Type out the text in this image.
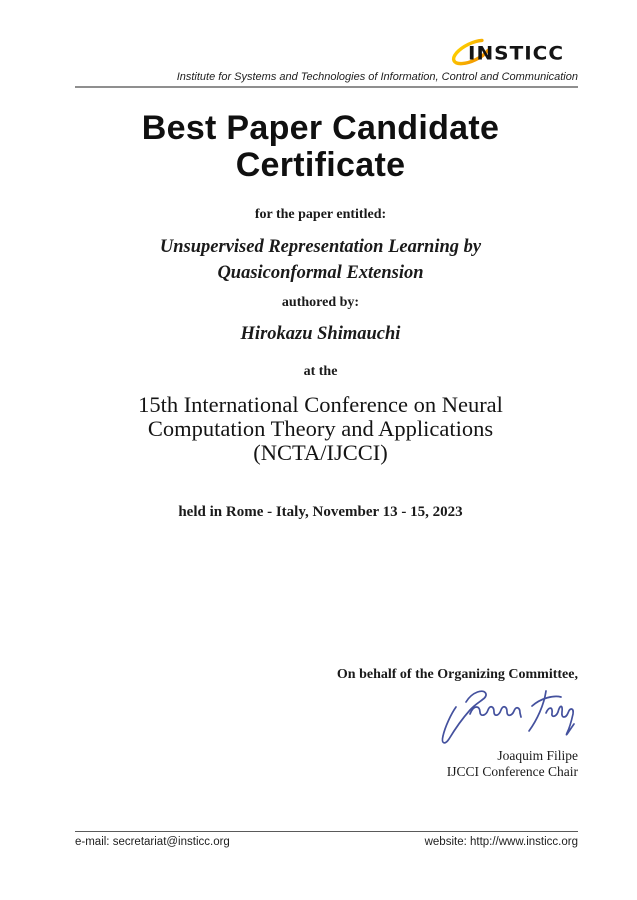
INSTICC
Institute for Systems and Technologies of Information, Control and Communication
Best Paper Candidate
Certificate
for the paper entitled:
Unsupervised Representation Learning by
Quasiconformal Extension
authored by:
Hirokazu Shimauchi
at the
15th International Conference on Neural
Computation Theory and Applications
(NCTA/IJCCI)
held in Rome - Italy, November 13 - 15, 2023
On behalf of the Organizing Committee,
Joaquim Filipe
IJCCI Conference Chair
e-mail: secretariat@insticc.org	website: http://www.insticc.org
